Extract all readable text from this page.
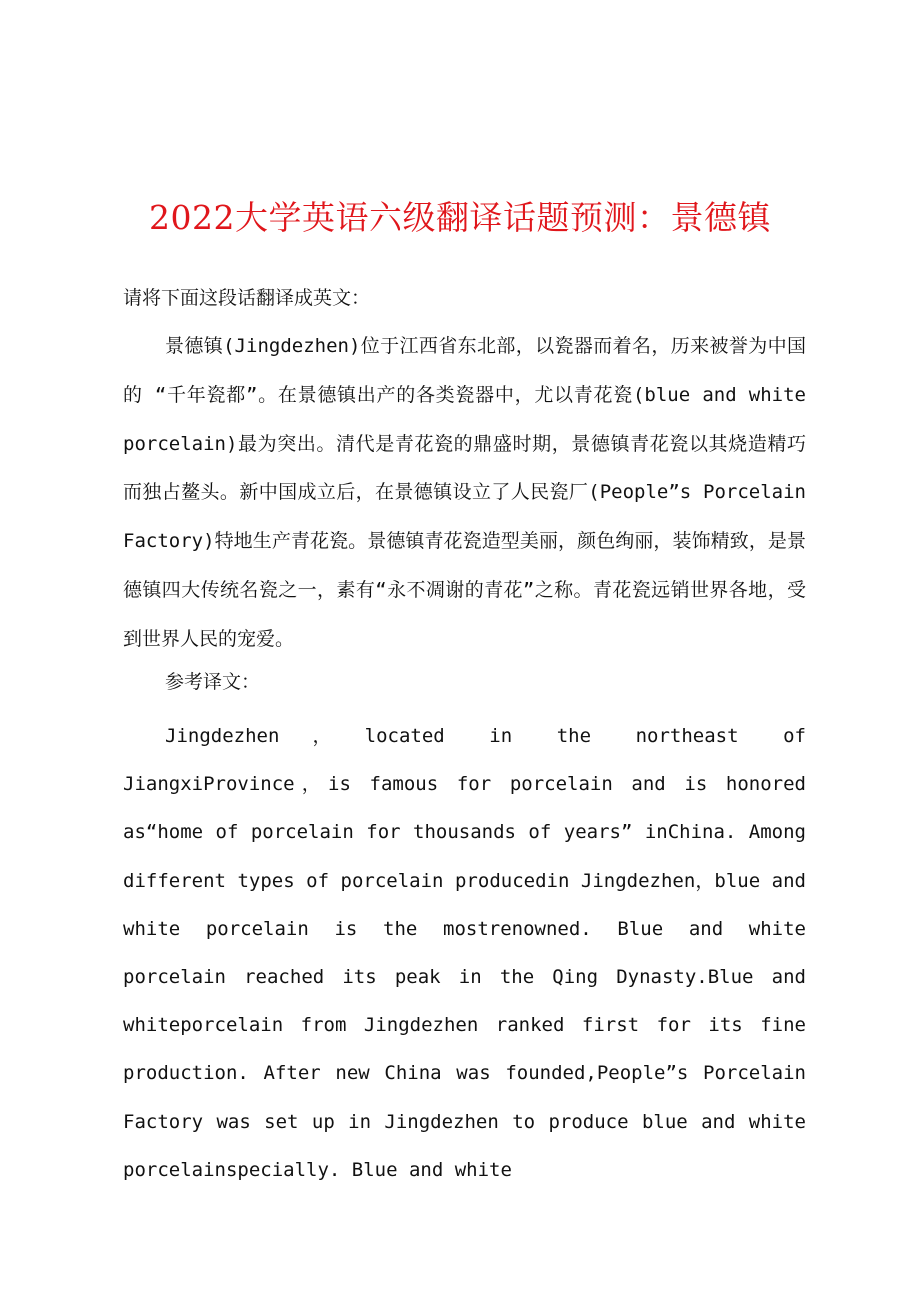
2022大学英语六级翻译话题预测：景德镇

请将下面这段话翻译成英文：

景德镇(Jingdezhen)位于江西省东北部，以瓷器而着名，历来被誉为中国的 “千年瓷都”。在景德镇出产的各类瓷器中，尤以青花瓷(blue and white porcelain)最为突出。清代是青花瓷的鼎盛时期，景德镇青花瓷以其烧造精巧而独占鳌头。新中国成立后，在景德镇设立了人民瓷厂(People”s Porcelain Factory)特地生产青花瓷。景德镇青花瓷造型美丽，颜色绚丽，装饰精致，是景德镇四大传统名瓷之一，素有“永不凋谢的青花”之称。青花瓷远销世界各地，受到世界人民的宠爱。

参考译文：

Jingdezhen，located in the northeast of JiangxiProvince，is famous for porcelain and is honored as“home of porcelain for thousands of years” inChina. Among different types of porcelain producedin Jingdezhen，blue and white porcelain is the mostrenowned. Blue and white porcelain reached its peak in the Qing Dynasty.Blue and whiteporcelain from Jingdezhen ranked first for its fine production. After new China was founded,People”s Porcelain Factory was set up in Jingdezhen to produce blue and white porcelainspecially. Blue and white
